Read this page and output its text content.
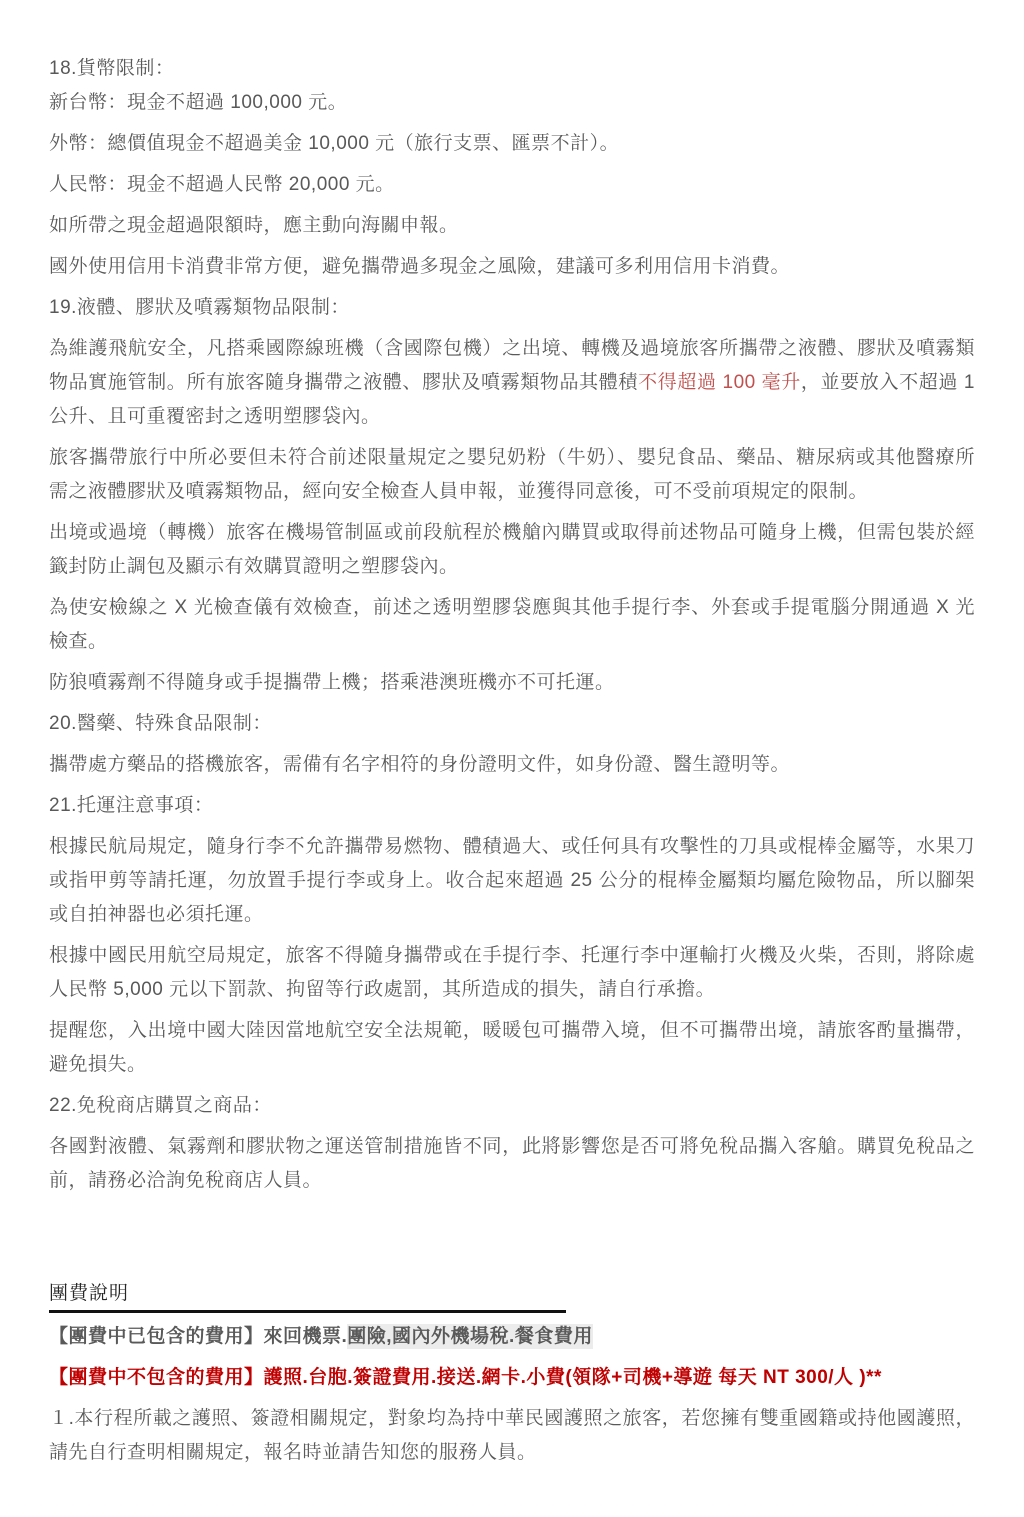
18.貨幣限制：

新台幣：現金不超過 100,000 元。

外幣：總價值現金不超過美金 10,000 元（旅行支票、匯票不計）。

人民幣：現金不超過人民幣 20,000 元。

如所帶之現金超過限額時，應主動向海關申報。

國外使用信用卡消費非常方便，避免攜帶過多現金之風險，建議可多利用信用卡消費。

19.液體、膠狀及噴霧類物品限制：

為維護飛航安全，凡搭乘國際線班機（含國際包機）之出境、轉機及過境旅客所攜帶之液體、膠狀及噴霧類物品實施管制。所有旅客隨身攜帶之液體、膠狀及噴霧類物品其體積不得超過 100 毫升，並要放入不超過 1 公升、且可重覆密封之透明塑膠袋內。

旅客攜帶旅行中所必要但未符合前述限量規定之嬰兒奶粉（牛奶）、嬰兒食品、藥品、糖尿病或其他醫療所需之液體膠狀及噴霧類物品，經向安全檢查人員申報，並獲得同意後，可不受前項規定的限制。

出境或過境（轉機）旅客在機場管制區或前段航程於機艙內購買或取得前述物品可隨身上機，但需包裝於經籤封防止調包及顯示有效購買證明之塑膠袋內。

為使安檢線之 X 光檢查儀有效檢查，前述之透明塑膠袋應與其他手提行李、外套或手提電腦分開通過 X 光檢查。

防狼噴霧劑不得隨身或手提攜帶上機；搭乘港澳班機亦不可托運。

20.醫藥、特殊食品限制：

攜帶處方藥品的搭機旅客，需備有名字相符的身份證明文件，如身份證、醫生證明等。

21.托運注意事項：

根據民航局規定，隨身行李不允許攜帶易燃物、體積過大、或任何具有攻擊性的刀具或棍棒金屬等，水果刀或指甲剪等請托運，勿放置手提行李或身上。收合起來超過 25 公分的棍棒金屬類均屬危險物品，所以腳架或自拍神器也必須托運。

根據中國民用航空局規定，旅客不得隨身攜帶或在手提行李、托運行李中運輸打火機及火柴，否則，將除處人民幣 5,000 元以下罰款、拘留等行政處罰，其所造成的損失，請自行承擔。

提醒您，入出境中國大陸因當地航空安全法規範，暖暖包可攜帶入境，但不可攜帶出境，請旅客酌量攜帶，避免損失。

22.免稅商店購買之商品：

各國對液體、氣霧劑和膠狀物之運送管制措施皆不同，此將影響您是否可將免稅品攜入客艙。購買免稅品之前，請務必洽詢免稅商店人員。

團費說明

【團費中已包含的費用】來回機票.團險,國內外機場稅.餐食費用

【團費中不包含的費用】護照.台胞.簽證費用.接送.網卡.小費(領隊+司機+導遊 每天 NT 300/人 )**

１.本行程所載之護照、簽證相關規定，對象均為持中華民國護照之旅客，若您擁有雙重國籍或持他國護照，請先自行查明相關規定，報名時並請告知您的服務人員。
